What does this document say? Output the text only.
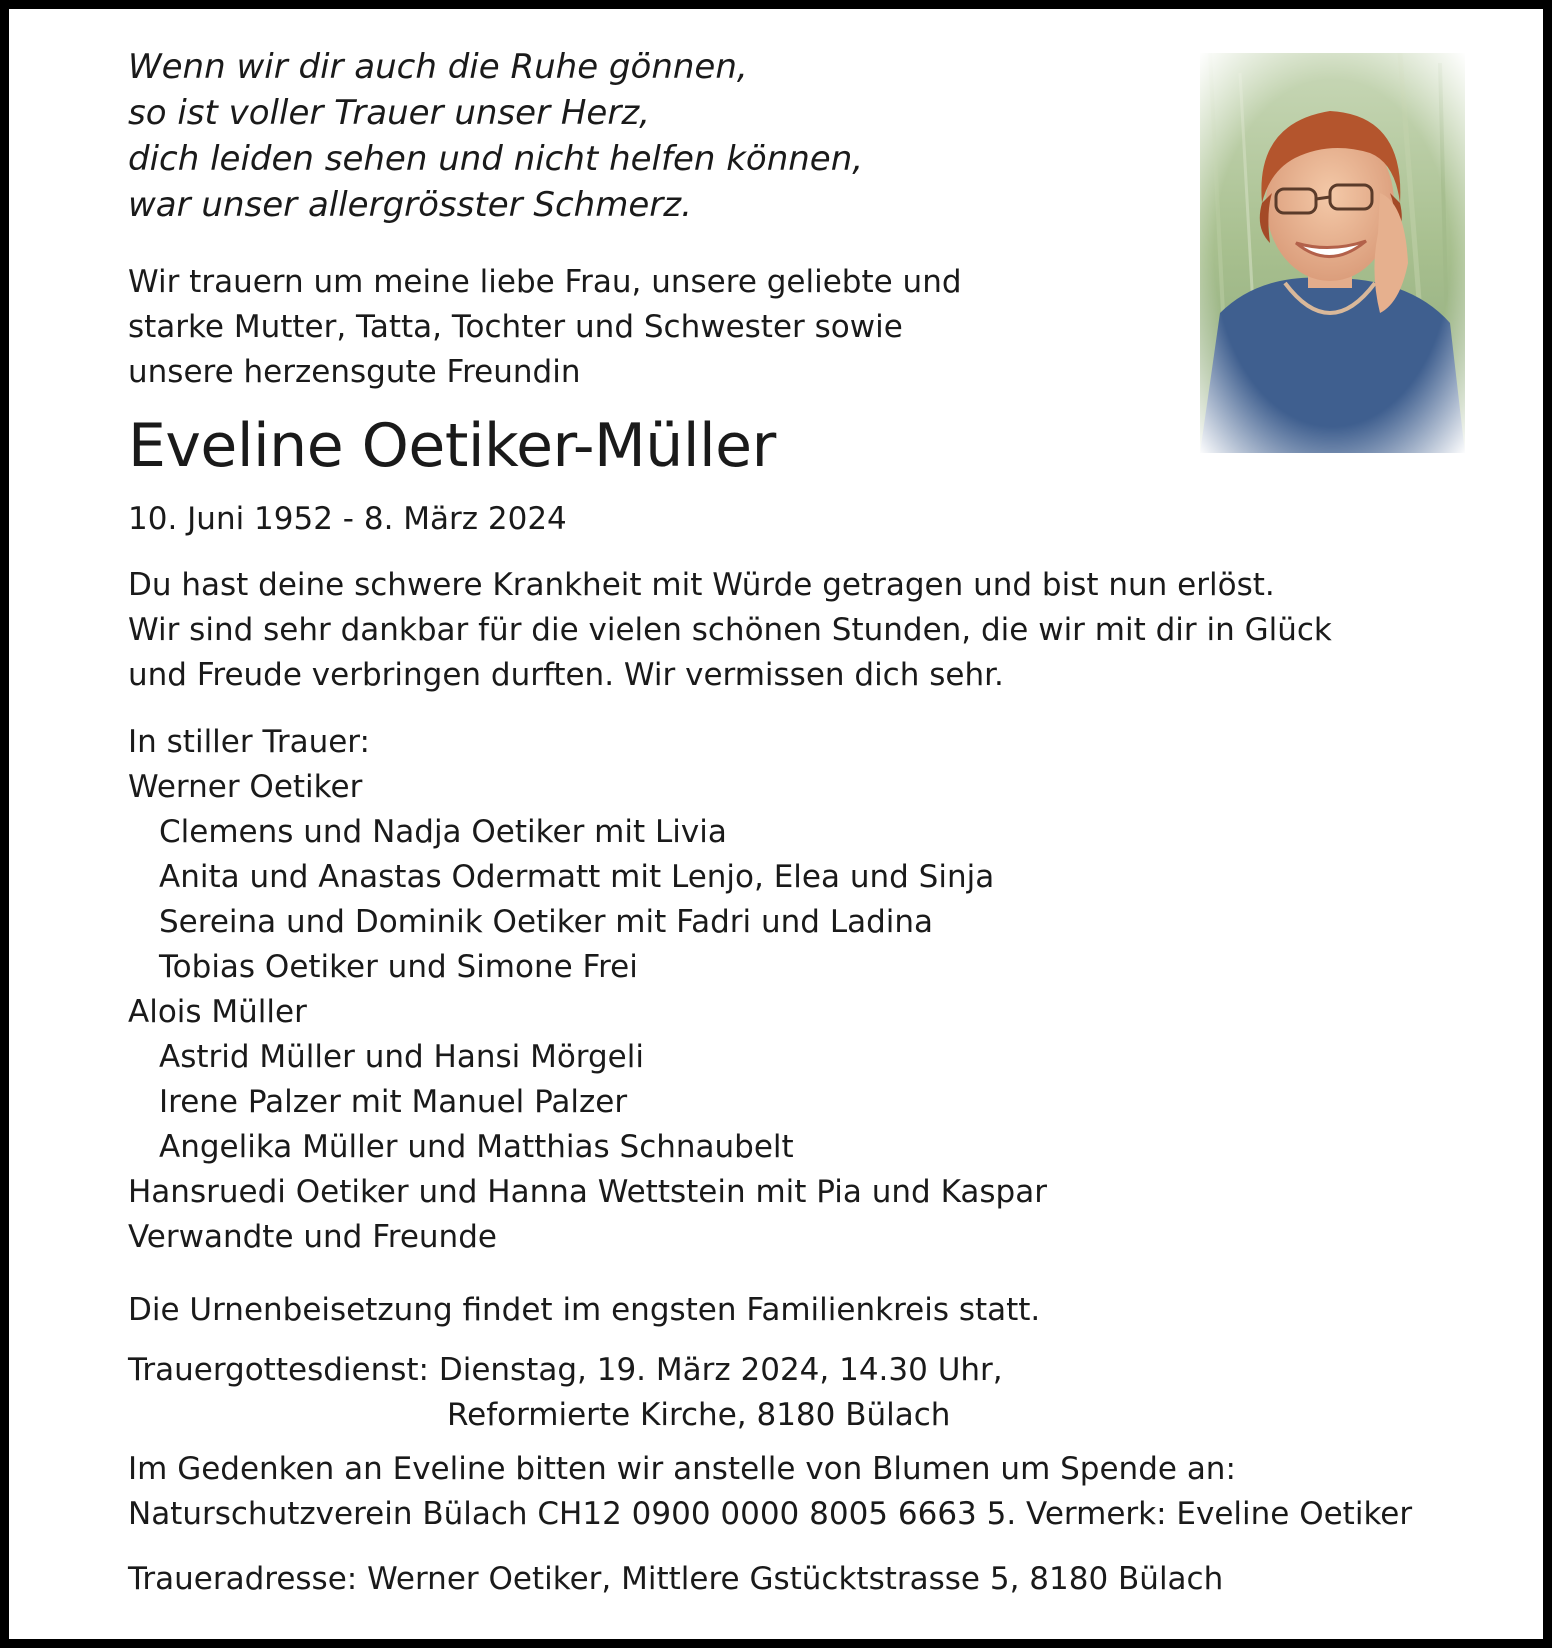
Wenn wir dir auch die Ruhe gönnen,
so ist voller Trauer unser Herz,
dich leiden sehen und nicht helfen können,
war unser allergrösster Schmerz.
Wir trauern um meine liebe Frau, unsere geliebte und
starke Mutter, Tatta, Tochter und Schwester sowie
unsere herzensgute Freundin
Eveline Oetiker-Müller
10. Juni 1952 - 8. März 2024
Du hast deine schwere Krankheit mit Würde getragen und bist nun erlöst.
Wir sind sehr dankbar für die vielen schönen Stunden, die wir mit dir in Glück
und Freude verbringen durften. Wir vermissen dich sehr.
In stiller Trauer:
Werner Oetiker
Clemens und Nadja Oetiker mit Livia
Anita und Anastas Odermatt mit Lenjo, Elea und Sinja
Sereina und Dominik Oetiker mit Fadri und Ladina
Tobias Oetiker und Simone Frei
Alois Müller
Astrid Müller und Hansi Mörgeli
Irene Palzer mit Manuel Palzer
Angelika Müller und Matthias Schnaubelt
Hansruedi Oetiker und Hanna Wettstein mit Pia und Kaspar
Verwandte und Freunde
Die Urnenbeisetzung findet im engsten Familienkreis statt.
Trauergottesdienst: Dienstag, 19. März 2024, 14.30 Uhr,
Reformierte Kirche, 8180 Bülach
Im Gedenken an Eveline bitten wir anstelle von Blumen um Spende an:
Naturschutzverein Bülach CH12 0900 0000 8005 6663 5. Vermerk: Eveline Oetiker
Traueradresse: Werner Oetiker, Mittlere Gstücktstrasse 5, 8180 Bülach
